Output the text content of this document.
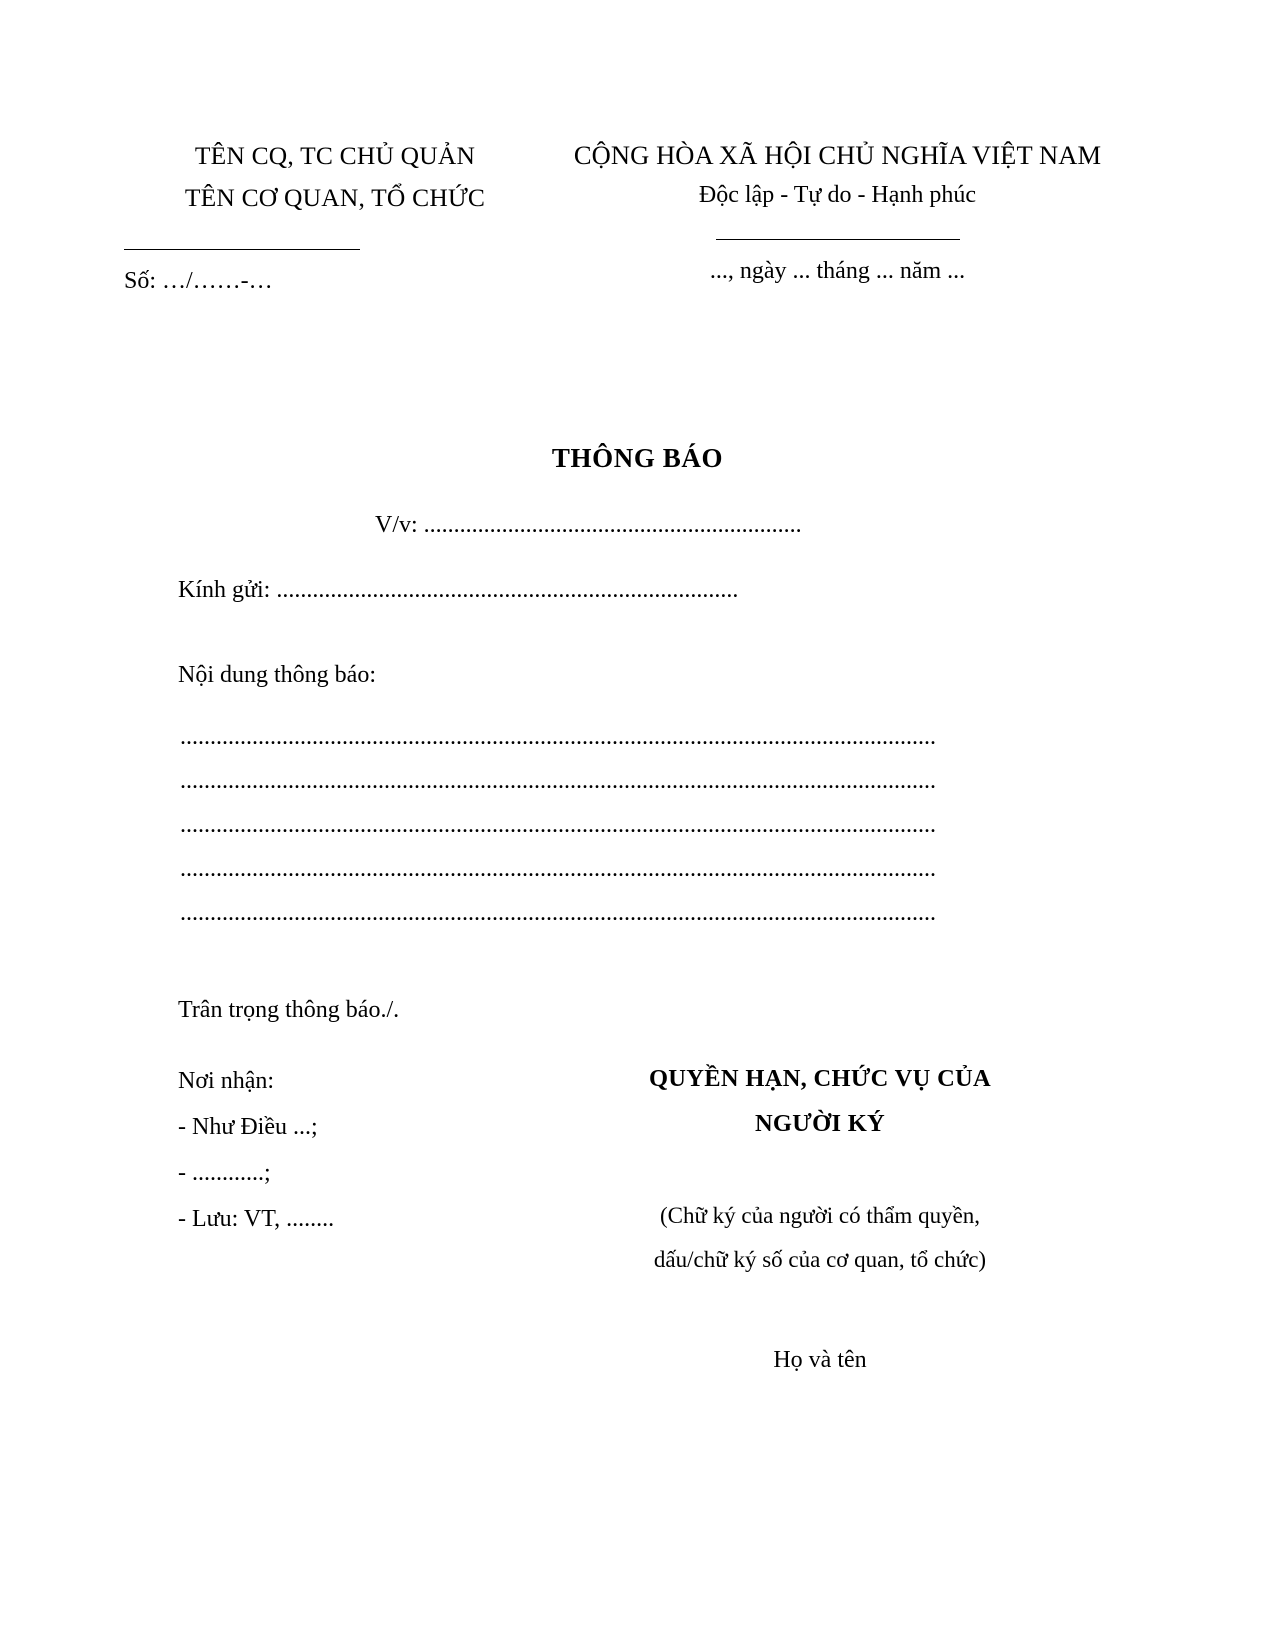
TÊN CQ, TC CHỦ QUẢN
TÊN CƠ QUAN, TỔ CHỨC
Số: …/……-…
CỘNG HÒA XÃ HỘI CHỦ NGHĨA VIỆT NAM
Độc lập - Tự do - Hạnh phúc
..., ngày ... tháng ... năm ...
THÔNG BÁO
V/v: ...............................................................
Kính gửi: .............................................................................
Nội dung thông báo:
..............................................................................................................................
..............................................................................................................................
..............................................................................................................................
..............................................................................................................................
..............................................................................................................................
Trân trọng thông báo./.
Nơi nhận:
- Như Điều ...;
- ............;
- Lưu: VT, ........
QUYỀN HẠN, CHỨC VỤ CỦA
NGƯỜI KÝ
(Chữ ký của người có thẩm quyền,
dấu/chữ ký số của cơ quan, tổ chức)
Họ và tên
